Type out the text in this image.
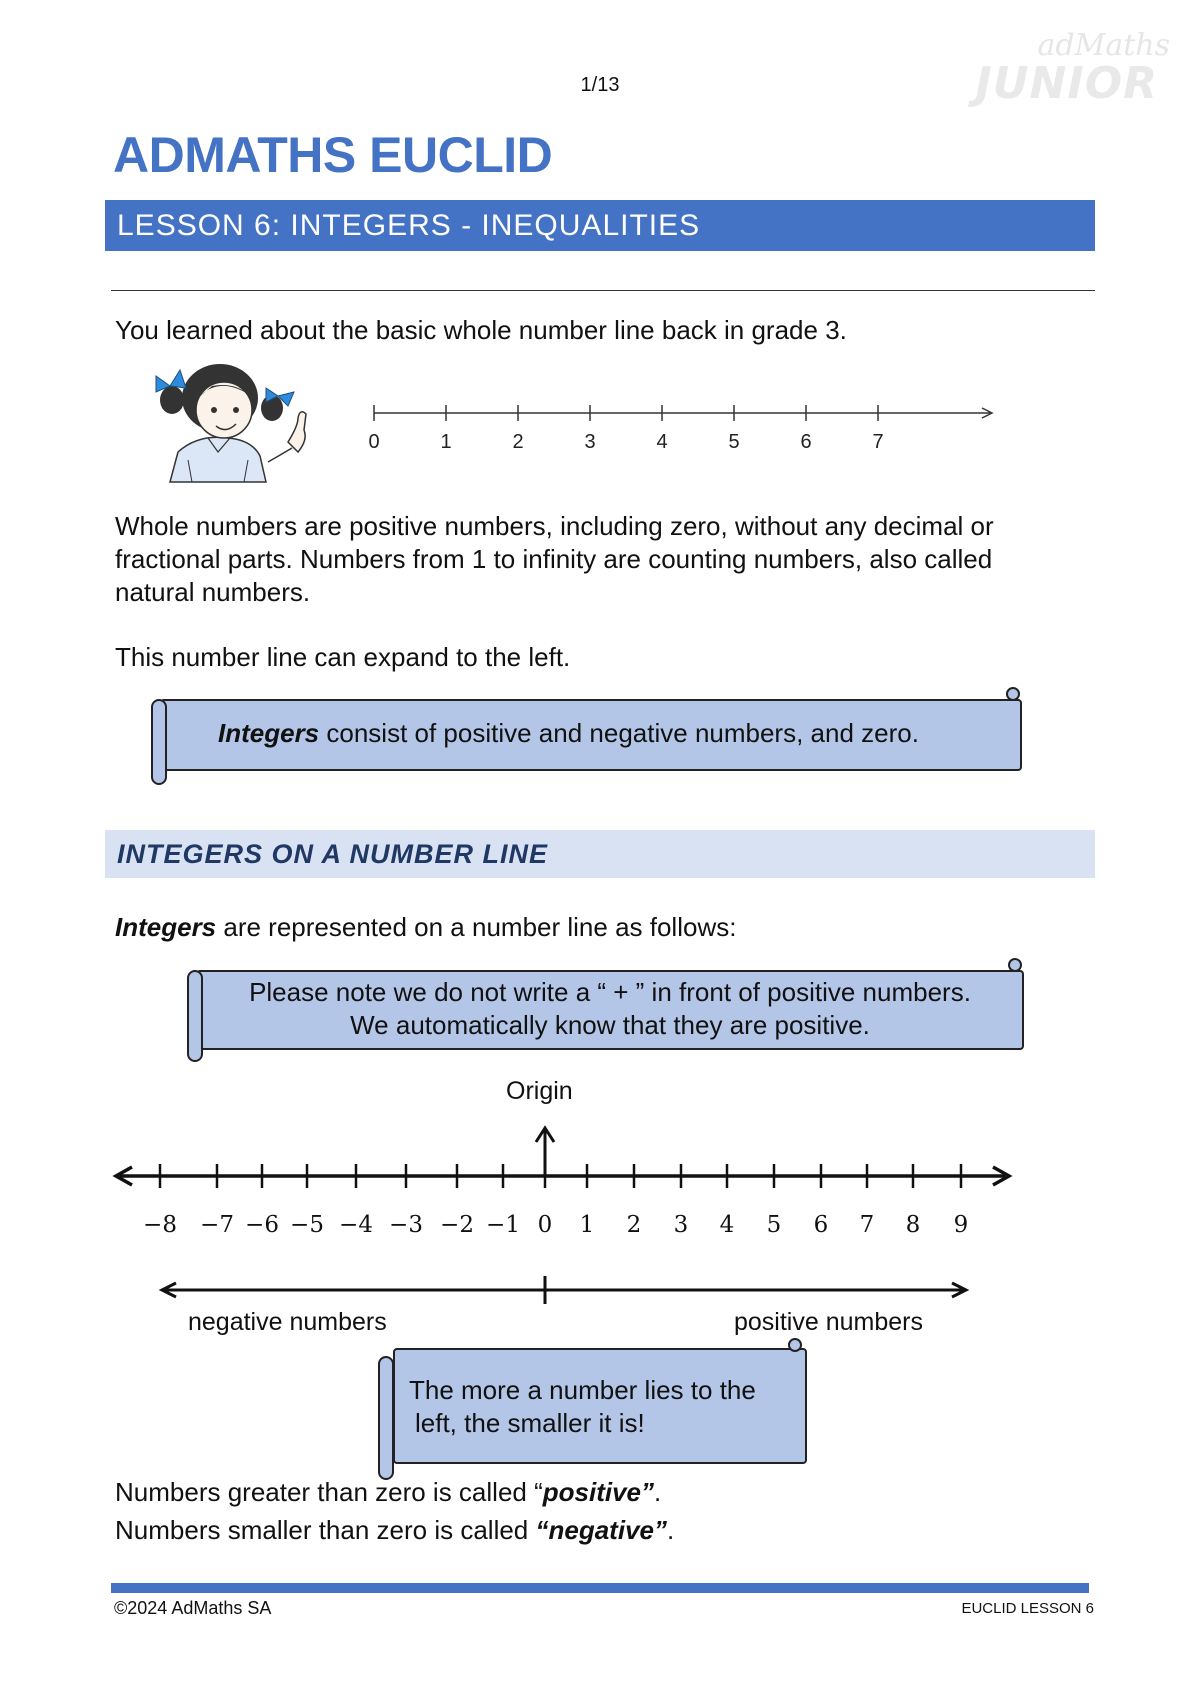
1/13
adMaths
JUNIOR
ADMATHS EUCLID
LESSON 6: INTEGERS - INEQUALITIES
You learned about the basic whole number line back in grade 3.
0	1	2	3	4	5	6	7
Whole numbers are positive numbers, including zero, without any decimal or
fractional parts. Numbers from 1 to infinity are counting numbers, also called
natural numbers.
This number line can expand to the left.
Integers consist of positive and negative numbers, and zero.
INTEGERS ON A NUMBER LINE
Integers are represented on a number line as follows:
Please note we do not write a “ + ” in front of positive numbers.
We automatically know that they are positive.
Origin
−8 −7 −6 −5 −4 −3 −2 −1 0 1 2 3 4 5 6 7 8 9
negative numbers	positive numbers
The more a number lies to the
left, the smaller it is!
Numbers greater than zero is called “positive”.
Numbers smaller than zero is called “negative”.
©2024 AdMaths SA	EUCLID LESSON 6
